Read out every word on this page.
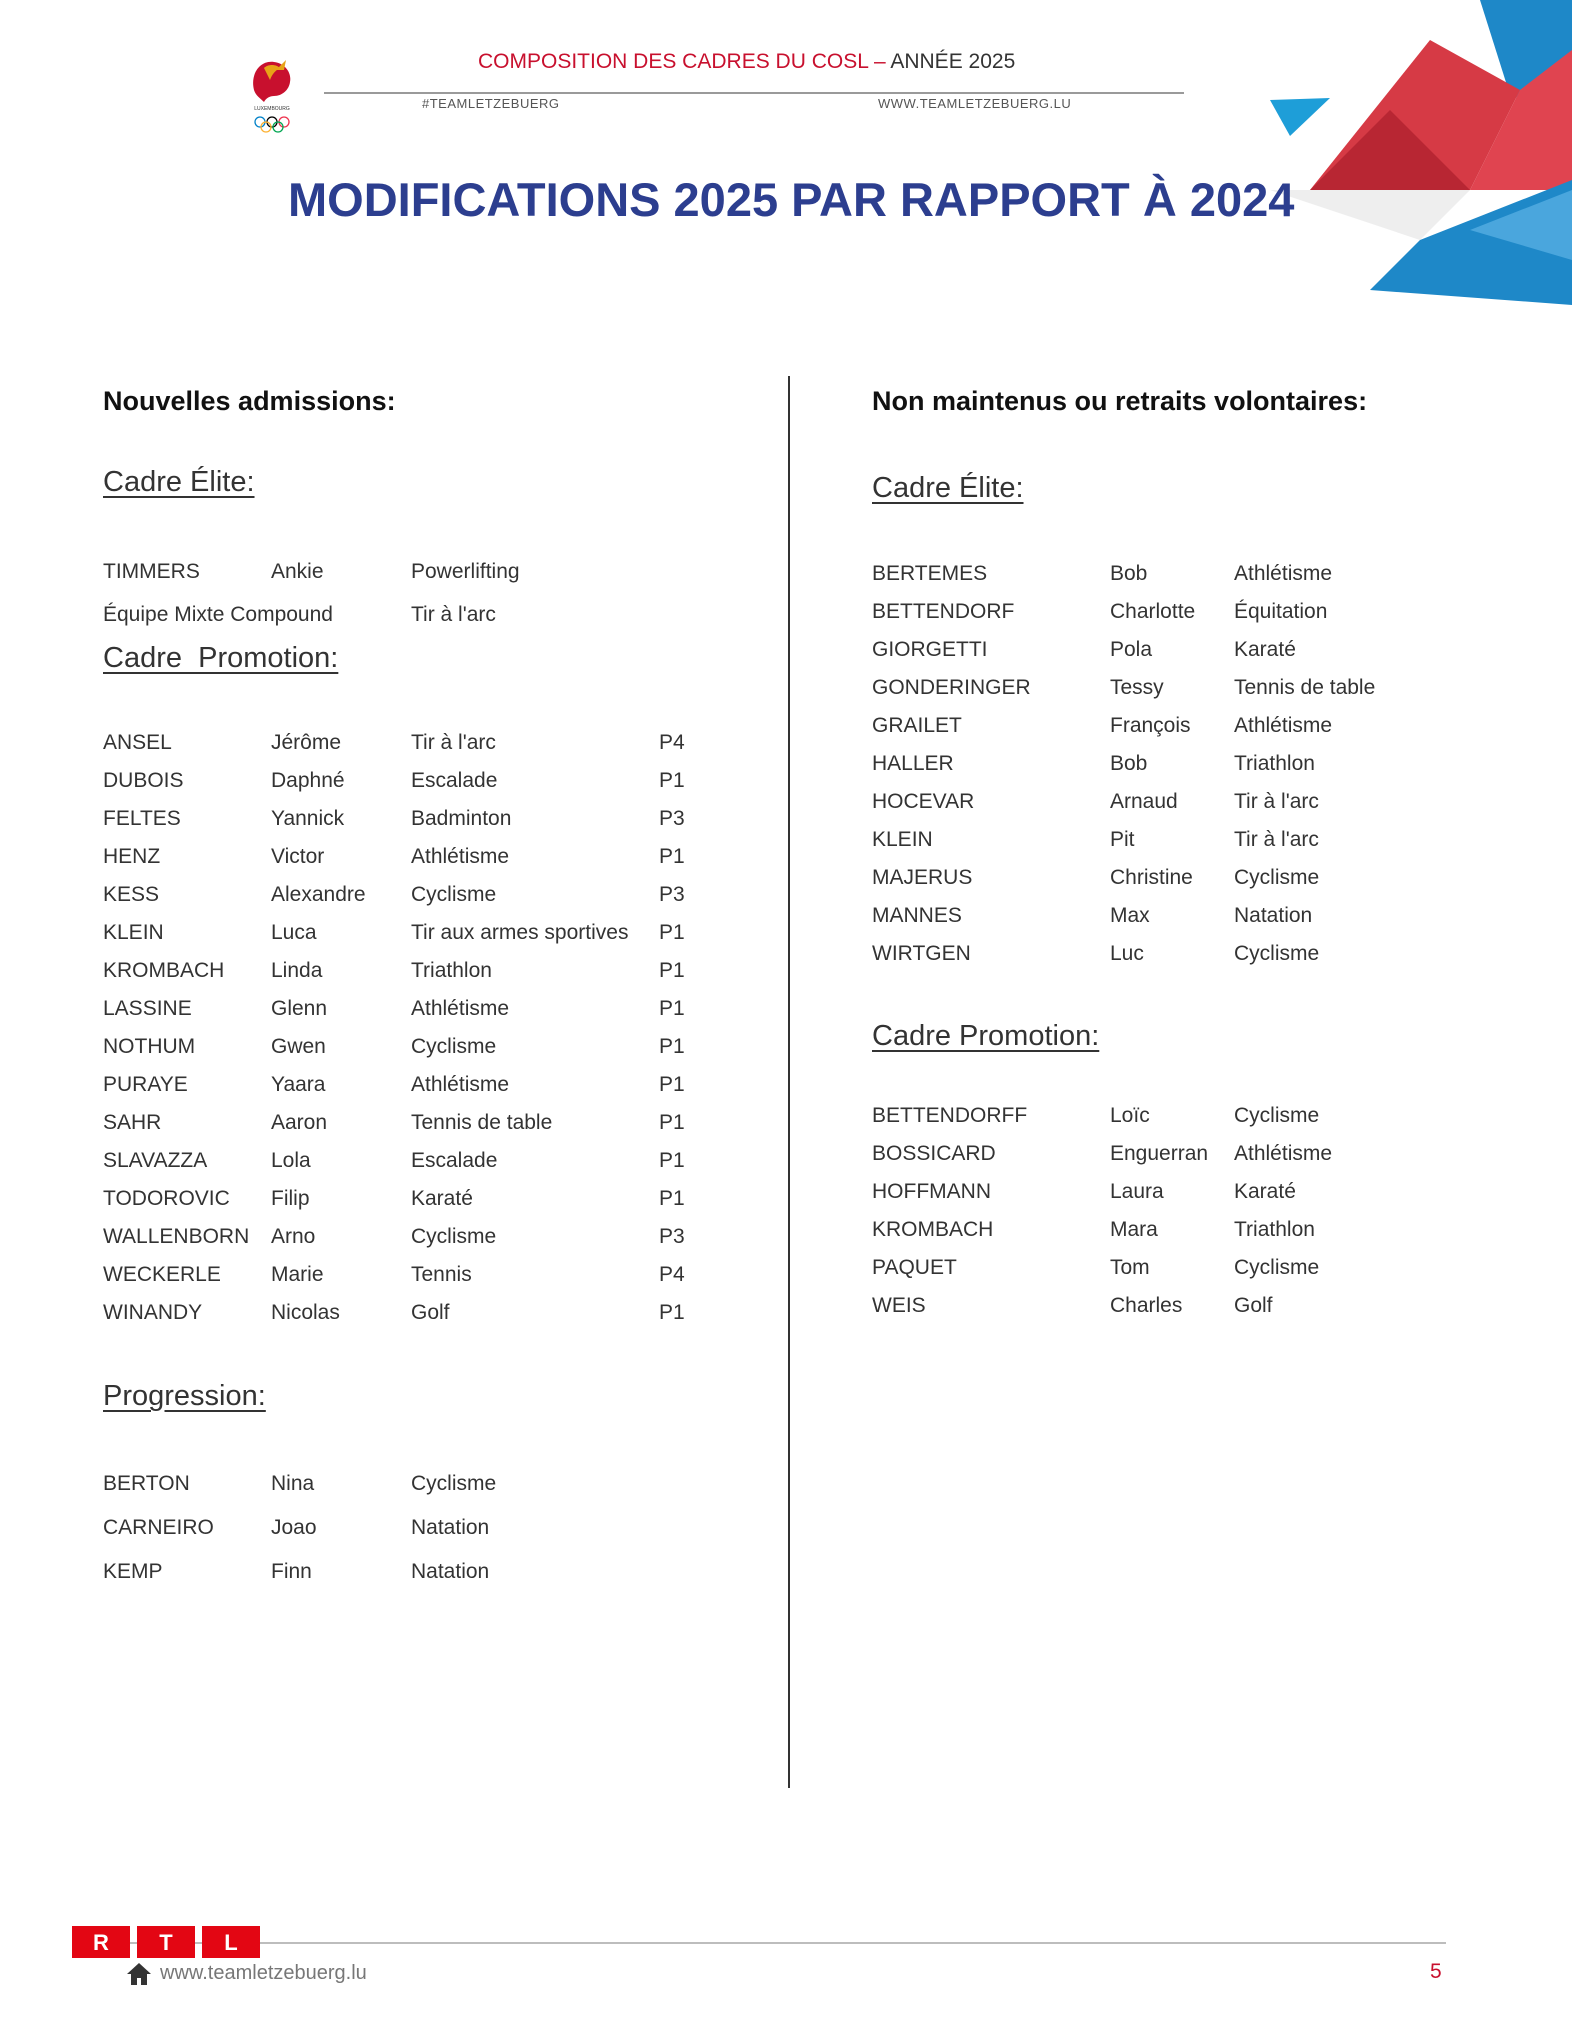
LUXEMBOURG
COMPOSITION DES CADRES DU COSL – ANNÉE 2025
#TEAMLETZEBUERG	WWW.TEAMLETZEBUERG.LU
MODIFICATIONS 2025 PAR RAPPORT À 2024
Nouvelles admissions:
Cadre Élite:
TIMMERS	Ankie	Powerlifting
Équipe Mixte Compound	Tir à l'arc
Cadre  Promotion:
ANSEL	Jérôme	Tir à l'arc	P4
DUBOIS	Daphné	Escalade	P1
FELTES	Yannick	Badminton	P3
HENZ	Victor	Athlétisme	P1
KESS	Alexandre Cyclisme	P3
KLEIN	Luca	Tir aux armes sportives P1
KROMBACH Linda	Triathlon	P1
LASSINE	Glenn	Athlétisme	P1
NOTHUM	Gwen	Cyclisme	P1
PURAYE	Yaara	Athlétisme	P1
SAHR	Aaron	Tennis de table	P1
SLAVAZZA	Lola	Escalade	P1
TODOROVIC Filip	Karaté	P1
WALLENBORN Arno	Cyclisme	P3
WECKERLE Marie	Tennis	P4
WINANDY	Nicolas	Golf	P1
Progression:
BERTON	Nina	Cyclisme
CARNEIRO	Joao	Natation
KEMP	Finn	Natation
Non maintenus ou retraits volontaires:
Cadre Élite:
BERTEMES	Bob	Athlétisme
BETTENDORF	Charlotte Équitation
GIORGETTI	Pola	Karaté
GONDERINGER	Tessy	Tennis de table
GRAILET	François Athlétisme
HALLER	Bob	Triathlon
HOCEVAR	Arnaud	Tir à l'arc
KLEIN	Pit	Tir à l'arc
MAJERUS	Christine Cyclisme
MANNES	Max	Natation
WIRTGEN	Luc	Cyclisme
Cadre Promotion:
BETTENDORFF	Loïc	Cyclisme
BOSSICARD	Enguerran Athlétisme
HOFFMANN	Laura	Karaté
KROMBACH	Mara	Triathlon
PAQUET	Tom	Cyclisme
WEIS	Charles Golf
R T L
www.teamletzebuerg.lu	5
